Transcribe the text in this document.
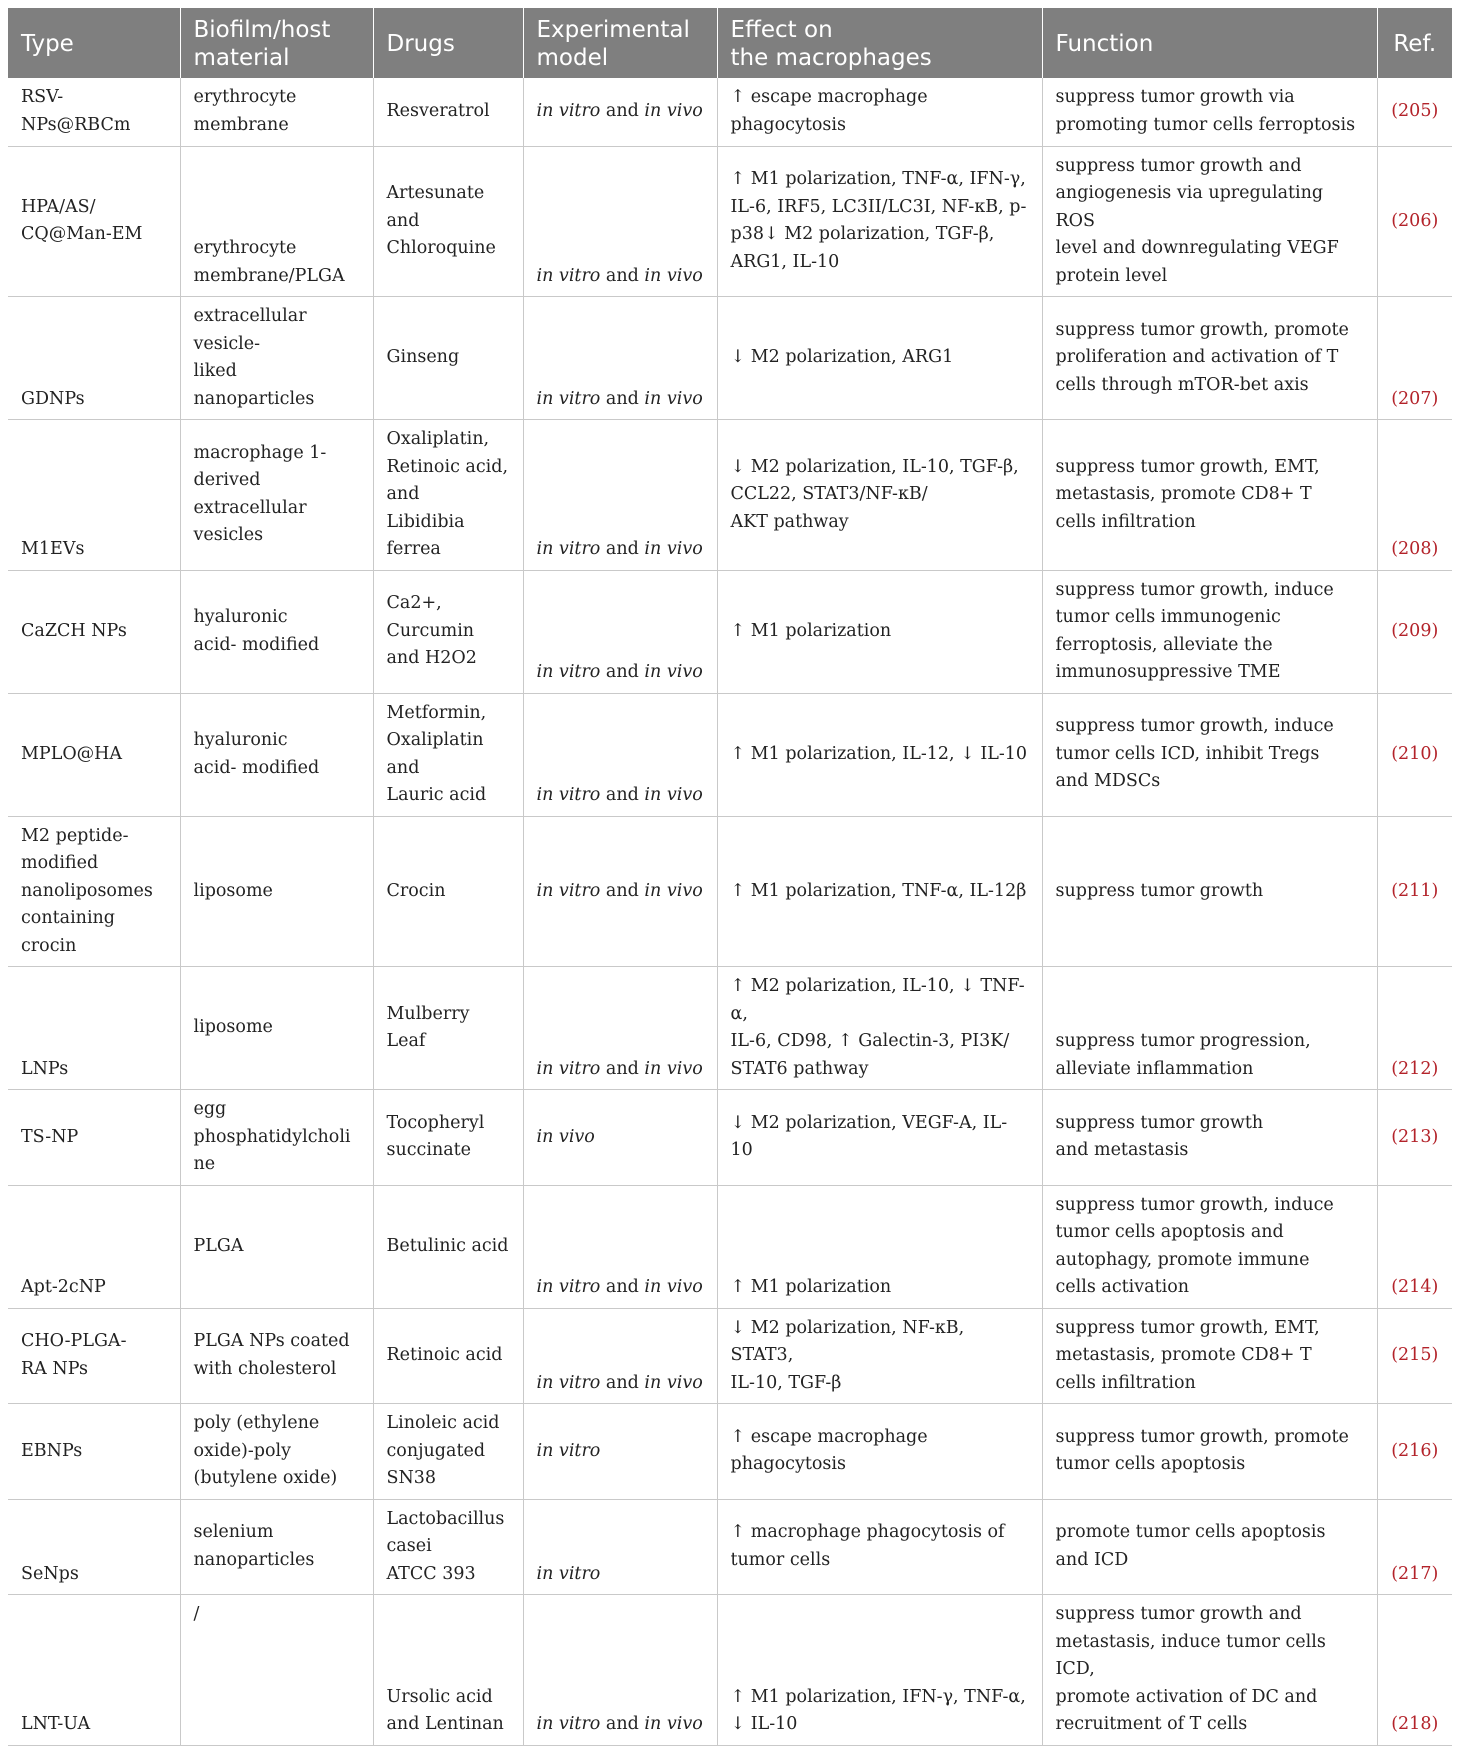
Type	Biofilm/host
material	Drugs	Experimental
model	Effect on
the macrophages	Function	Ref.

RSV-
NPs@RBCm	erythrocyte
membrane	Resveratrol	in vitro and in vivo	↑ escape macrophage phagocytosis	suppress tumor growth via
promoting tumor cells ferroptosis	(205)

HPA/AS/
CQ@Man-EM	erythrocyte
membrane/PLGA	Artesunate
and
Chloroquine	in vitro and in vivo	↑ M1 polarization, TNF-α, IFN-γ,
IL-6, IRF5, LC3II/LC3I, NF-κB, p-
p38↓ M2 polarization, TGF-β,
ARG1, IL-10	suppress tumor growth and
angiogenesis via upregulating ROS
level and downregulating VEGF
protein level	(206)

GDNPs	extracellular
vesicle-
liked nanoparticles	Ginseng	in vitro and in vivo	↓ M2 polarization, ARG1	suppress tumor growth, promote
proliferation and activation of T
cells through mTOR-bet axis	(207)

M1EVs	macrophage 1-
derived
extracellular
vesicles	Oxaliplatin,
Retinoic acid,
and
Libidibia
ferrea	in vitro and in vivo	↓ M2 polarization, IL-10, TGF-β,
CCL22, STAT3/NF-κB/
AKT pathway	suppress tumor growth, EMT,
metastasis, promote CD8+ T
cells infiltration	(208)

CaZCH NPs	hyaluronic
acid- modified	Ca2+,
Curcumin
and H2O2	in vitro and in vivo	↑ M1 polarization	suppress tumor growth, induce
tumor cells immunogenic
ferroptosis, alleviate the
immunosuppressive TME	(209)

MPLO@HA	hyaluronic
acid- modified	Metformin,
Oxaliplatin
and
Lauric acid	in vitro and in vivo	↑ M1 polarization, IL-12, ↓ IL-10	suppress tumor growth, induce
tumor cells ICD, inhibit Tregs
and MDSCs	(210)

M2 peptide-
modified
nanoliposomes
containing
crocin	liposome	Crocin	in vitro and in vivo	↑ M1 polarization, TNF-α, IL-12β	suppress tumor growth	(211)

LNPs	liposome	Mulberry Leaf	in vitro and in vivo	↑ M2 polarization, IL-10, ↓ TNF-α,
IL-6, CD98, ↑ Galectin-3, PI3K/
STAT6 pathway	suppress tumor progression,
alleviate inflammation	(212)

TS-NP	egg
phosphatidylcholine	Tocopheryl
succinate	in vivo	↓ M2 polarization, VEGF-A, IL-10	suppress tumor growth
and metastasis	(213)

Apt-2cNP	PLGA	Betulinic acid	in vitro and in vivo	↑ M1 polarization	suppress tumor growth, induce
tumor cells apoptosis and
autophagy, promote immune
cells activation	(214)

CHO-PLGA-
RA NPs	PLGA NPs coated
with cholesterol	Retinoic acid	in vitro and in vivo	↓ M2 polarization, NF-κB, STAT3,
IL-10, TGF-β	suppress tumor growth, EMT,
metastasis, promote CD8+ T
cells infiltration	(215)

EBNPs	poly (ethylene
oxide)-poly
(butylene oxide)	Linoleic acid
conjugated
SN38	in vitro	↑ escape macrophage phagocytosis	suppress tumor growth, promote
tumor cells apoptosis	(216)

SeNps	selenium
nanoparticles	Lactobacillus
casei
ATCC 393	in vitro	↑ macrophage phagocytosis of
tumor cells	promote tumor cells apoptosis
and ICD	(217)

LNT-UA	/	Ursolic acid
and Lentinan	in vitro and in vivo	↑ M1 polarization, IFN-γ, TNF-α,
↓ IL-10	suppress tumor growth and
metastasis, induce tumor cells ICD,
promote activation of DC and
recruitment of T cells	(218)
